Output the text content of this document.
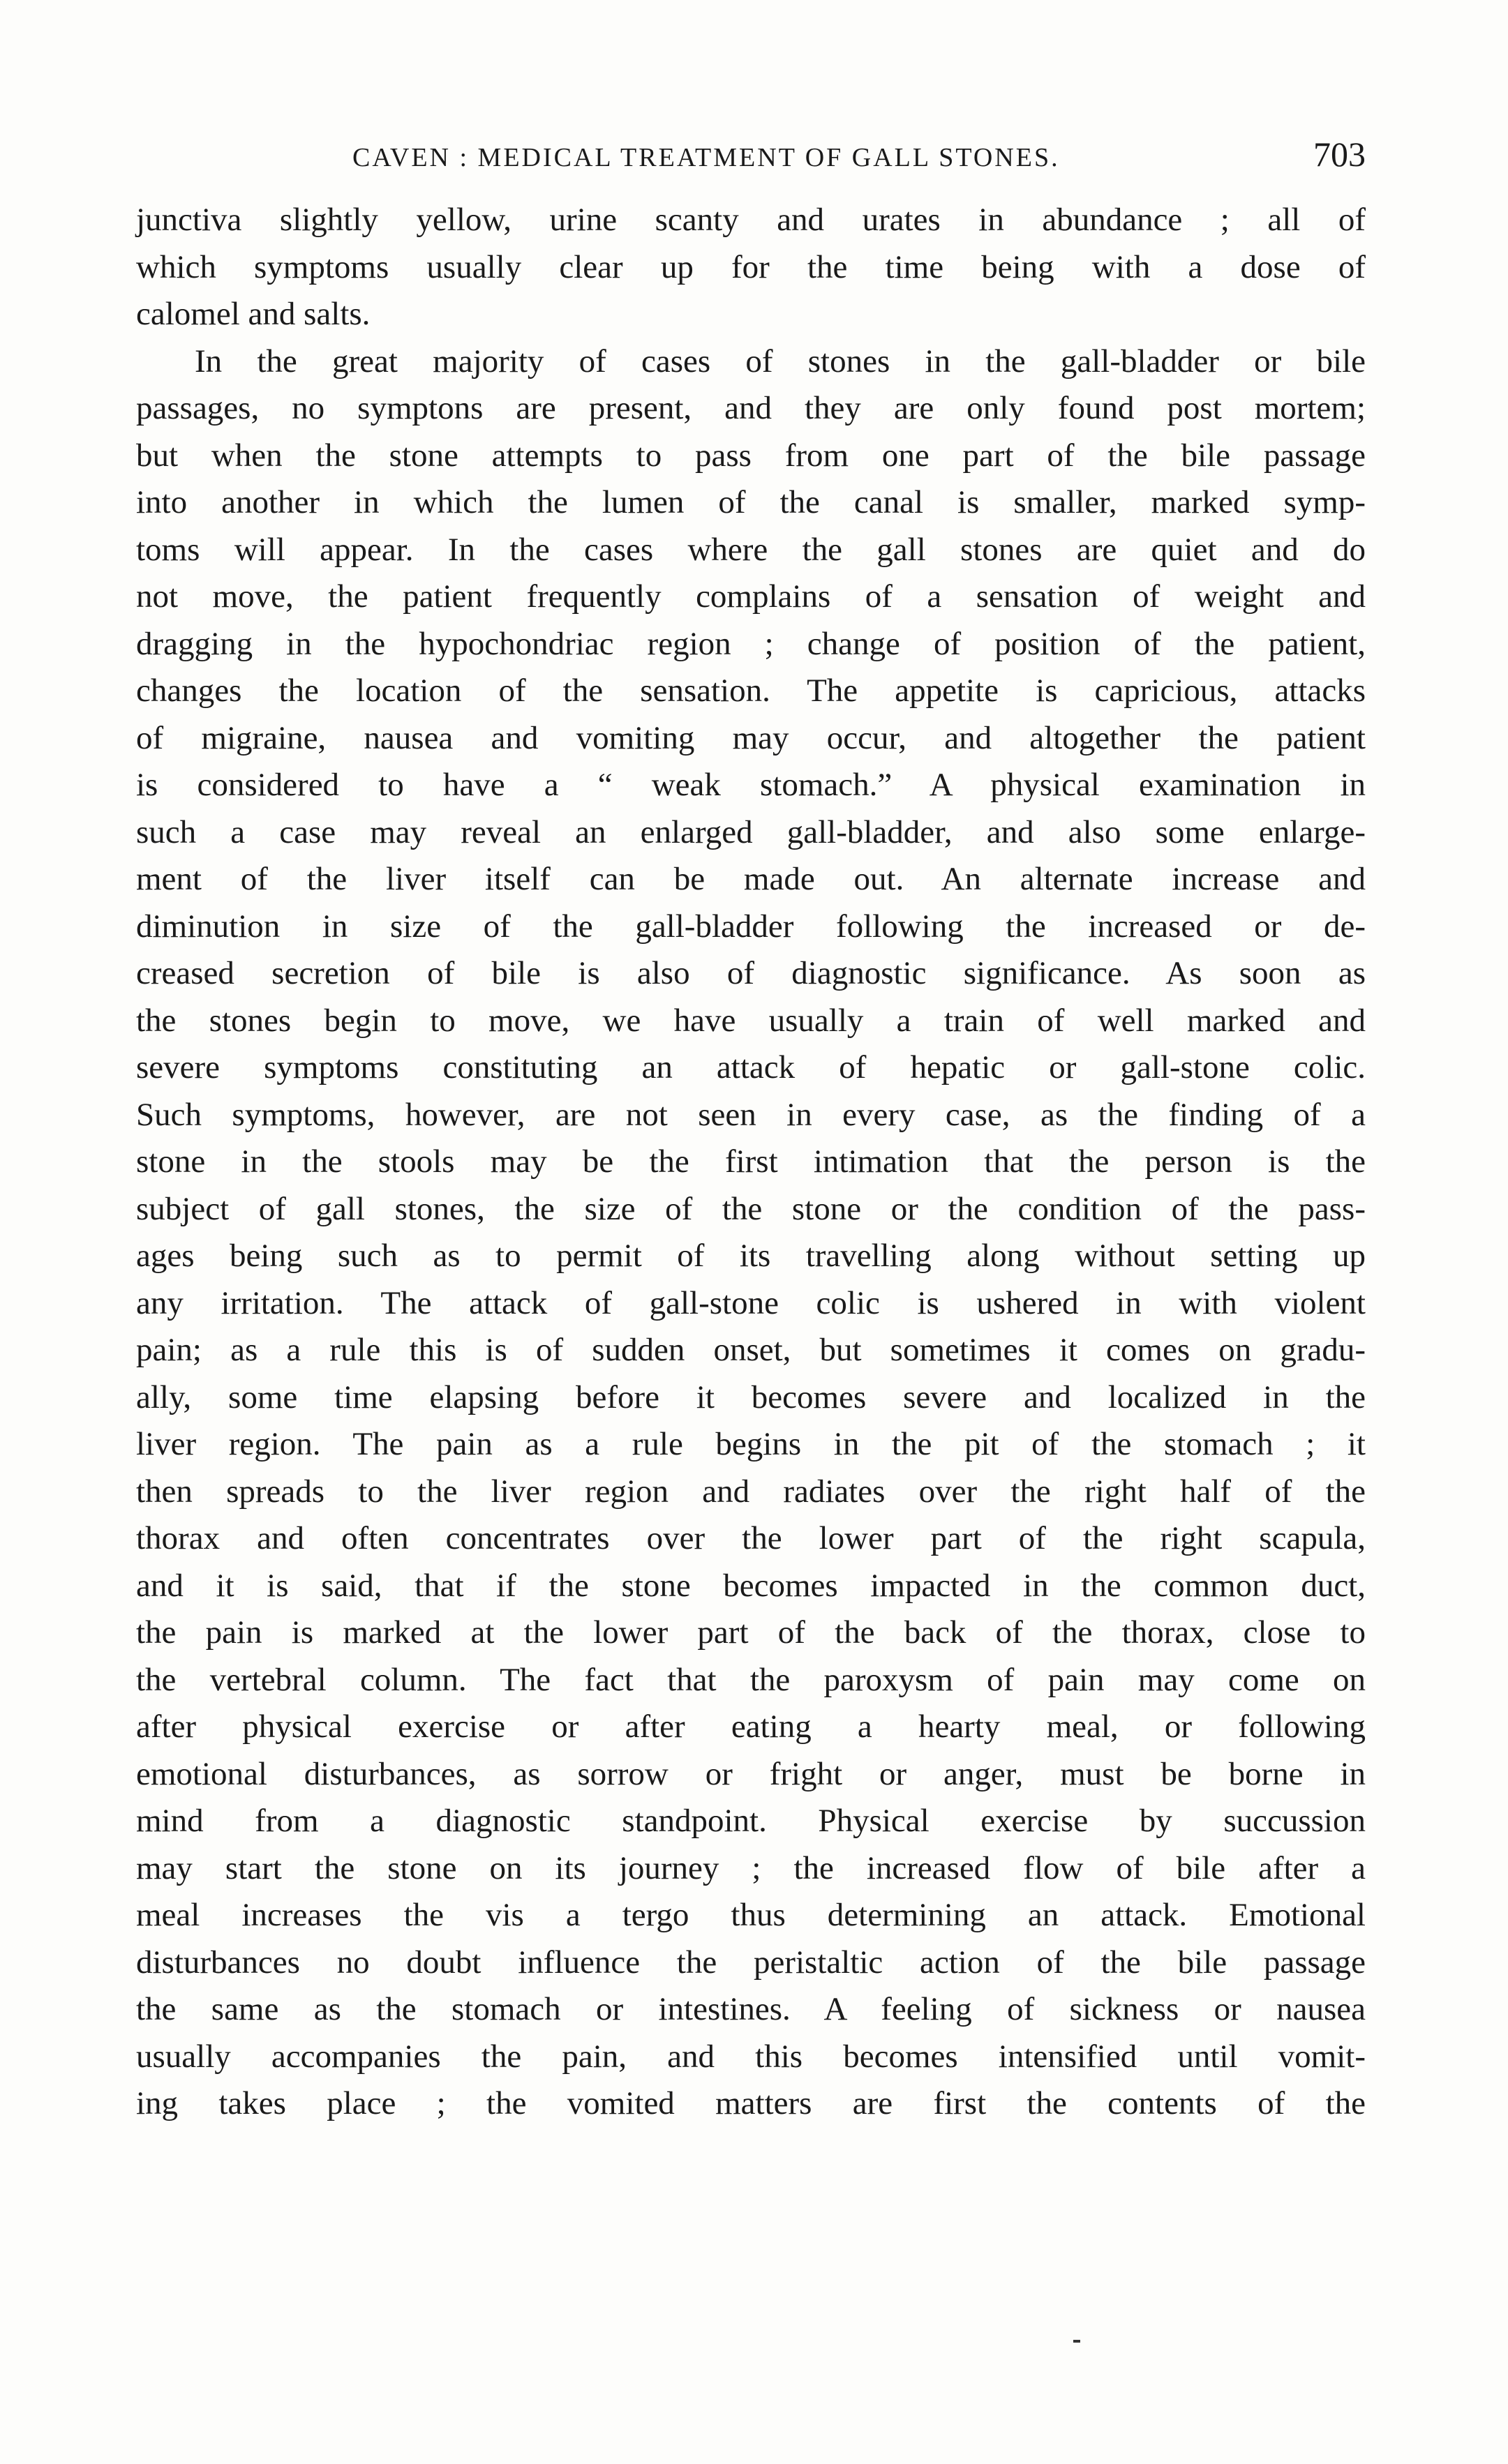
CAVEN : MEDICAL TREATMENT OF GALL STONES.	703
junctiva slightly yellow, urine scanty and urates in abundance ; all of
which symptoms usually clear up for the time being with a dose of
calomel and salts.
In the great majority of cases of stones in the gall-bladder or bile
passages, no symptons are present, and they are only found post mortem;
but when the stone attempts to pass from one part of the bile passage
into another in which the lumen of the canal is smaller, marked symp-
toms will appear. In the cases where the gall stones are quiet and do
not move, the patient frequently complains of a sensation of weight and
dragging in the hypochondriac region ; change of position of the patient,
changes the location of the sensation. The appetite is capricious, attacks
of migraine, nausea and vomiting may occur, and altogether the patient
is considered to have a “ weak stomach.” A physical examination in
such a case may reveal an enlarged gall-bladder, and also some enlarge-
ment of the liver itself can be made out. An alternate increase and
diminution in size of the gall-bladder following the increased or de-
creased secretion of bile is also of diagnostic significance. As soon as
the stones begin to move, we have usually a train of well marked and
severe symptoms constituting an attack of hepatic or gall-stone colic.
Such symptoms, however, are not seen in every case, as the finding of a
stone in the stools may be the first intimation that the person is the
subject of gall stones, the size of the stone or the condition of the pass-
ages being such as to permit of its travelling along without setting up
any irritation. The attack of gall-stone colic is ushered in with violent
pain; as a rule this is of sudden onset, but sometimes it comes on gradu-
ally, some time elapsing before it becomes severe and localized in the
liver region. The pain as a rule begins in the pit of the stomach ; it
then spreads to the liver region and radiates over the right half of the
thorax and often concentrates over the lower part of the right scapula,
and it is said, that if the stone becomes impacted in the common duct,
the pain is marked at the lower part of the back of the thorax, close to
the vertebral column. The fact that the paroxysm of pain may come on
after physical exercise or after eating a hearty meal, or following
emotional disturbances, as sorrow or fright or anger, must be borne in
mind from a diagnostic standpoint. Physical exercise by succussion
may start the stone on its journey ; the increased flow of bile after a
meal increases the vis a tergo thus determining an attack. Emotional
disturbances no doubt influence the peristaltic action of the bile passage
the same as the stomach or intestines. A feeling of sickness or nausea
usually accompanies the pain, and this becomes intensified until vomit-
ing takes place ; the vomited matters are first the contents of the
